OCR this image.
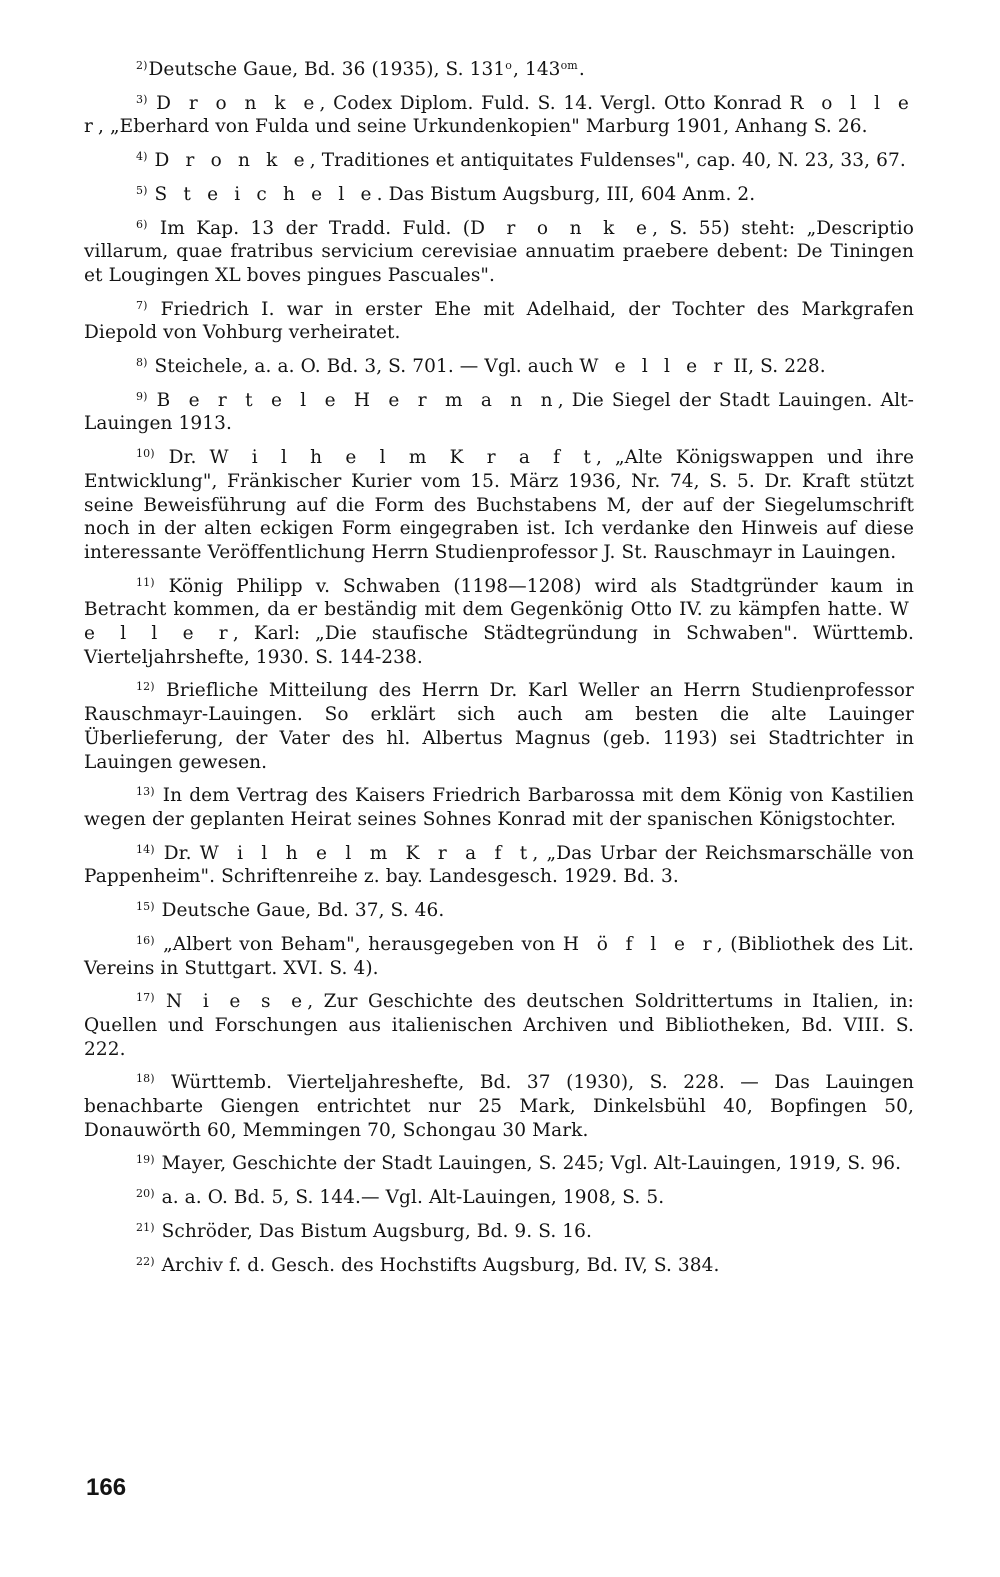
$^{2)}$Deutsche Gaue, Bd. 36 (1935), S. 131$^o$, $143^{om}$.

$^{3)}$ D r o n k e, Codex Diplom. Fuld. S. 14. Vergl. Otto Konrad R o l l e r, „Eberhard von Fulda und seine Urkundenkopien" Marburg 1901, Anhang S. 26.

$^{4)}$ D r o n k e, Traditiones et antiquitates Fuldenses", cap. 40, N. 23, 33, 67.

$^{5)}$ S t e i c h e l e. Das Bistum Augsburg, III, 604 Anm. 2.

$^{6)}$ Im Kap. 13 der Tradd. Fuld. (D r o n k e, S. 55) steht: „Descriptio villarum, quae fratribus servicium cerevisiae annuatim praebere debent: De Tiningen et Lougingen XL boves pingues Pascuales".

$^{7)}$ Friedrich I. war in erster Ehe mit Adelhaid, der Tochter des Markgrafen Diepold von Vohburg verheiratet.

$^{8)}$ Steichele, a. a. O. Bd. 3, S. 701. — Vgl. auch W e l l e r II, S. 228.

$^{9)}$ B e r t e l e H e r m a n n, Die Siegel der Stadt Lauingen. Alt-Lauingen 1913.

$^{10)}$ Dr. W i l h e l m K r a f t, „Alte Königswappen und ihre Entwicklung", Fränkischer Kurier vom 15. März 1936, Nr. 74, S. 5. Dr. Kraft stützt seine Beweisführung auf die Form des Buchstabens M, der auf der Siegelumschrift noch in der alten eckigen Form eingegraben ist. Ich verdanke den Hinweis auf diese interessante Veröffentlichung Herrn Studienprofessor J. St. Rauschmayr in Lauingen.

$^{11)}$ König Philipp v. Schwaben (1198—1208) wird als Stadtgründer kaum in Betracht kommen, da er beständig mit dem Gegenkönig Otto IV. zu kämpfen hatte. W e l l e r, Karl: „Die staufische Städtegründung in Schwaben". Württemb. Vierteljahrshefte, 1930. S. 144-238.

$^{12)}$ Briefliche Mitteilung des Herrn Dr. Karl Weller an Herrn Studienprofessor Rauschmayr-Lauingen. So erklärt sich auch am besten die alte Lauinger Überlieferung, der Vater des hl. Albertus Magnus (geb. 1193) sei Stadtrichter in Lauingen gewesen.

$^{13)}$ In dem Vertrag des Kaisers Friedrich Barbarossa mit dem König von Kastilien wegen der geplanten Heirat seines Sohnes Konrad mit der spanischen Königstochter.

$^{14)}$ Dr. W i l h e l m K r a f t, „Das Urbar der Reichsmarschälle von Pappenheim". Schriftenreihe z. bay. Landesgesch. 1929. Bd. 3.

$^{15)}$ Deutsche Gaue, Bd. 37, S. 46.

$^{16)}$ „Albert von Beham", herausgegeben von H ö f l e r, (Bibliothek des Lit. Vereins in Stuttgart. XVI. S. 4).

$^{17)}$ N i e s e, Zur Geschichte des deutschen Soldrittertums in Italien, in: Quellen und Forschungen aus italienischen Archiven und Bibliotheken, Bd. VIII. S. 222.

$^{18)}$ Württemb. Vierteljahreshefte, Bd. 37 (1930), S. 228. — Das Lauingen benachbarte Giengen entrichtet nur 25 Mark, Dinkelsbühl 40, Bopfingen 50, Donauwörth 60, Memmingen 70, Schongau 30 Mark.

$^{19)}$ Mayer, Geschichte der Stadt Lauingen, S. 245; Vgl. Alt-Lauingen, 1919, S. 96.

$^{20)}$ a. a. O. Bd. 5, S. 144.— Vgl. Alt-Lauingen, 1908, S. 5.

$^{21)}$ Schröder, Das Bistum Augsburg, Bd. 9. S. 16.

$^{22)}$ Archiv f. d. Gesch. des Hochstifts Augsburg, Bd. IV, S. 384.

166
